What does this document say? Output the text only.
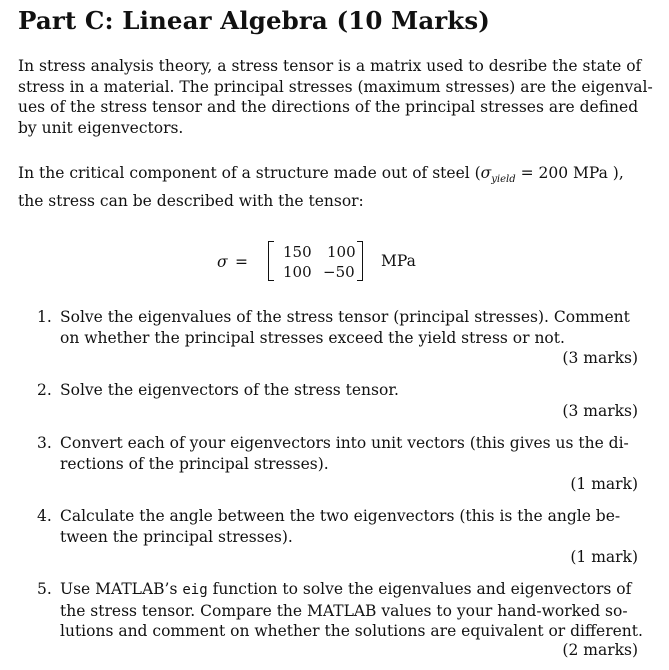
Part C: Linear Algebra (10 Marks)
In stress analysis theory, a stress tensor is a matrix used to desribe the state of
stress in a material. The principal stresses (maximum stresses) are the eigenval-
ues of the stress tensor and the directions of the principal stresses are defined
by unit eigenvectors.
In the critical component of a structure made out of steel ($\sigma_{yield} = 200$ MPa ),
the stress can be described with the tensor:
σ =
150 100
100 −50
MPa
1. Solve the eigenvalues of the stress tensor (principal stresses). Comment
on whether the principal stresses exceed the yield stress or not.
(3 marks)
2. Solve the eigenvectors of the stress tensor.
(3 marks)
3. Convert each of your eigenvectors into unit vectors (this gives us the di-
rections of the principal stresses).
(1 mark)
4. Calculate the angle between the two eigenvectors (this is the angle be-
tween the principal stresses).
(1 mark)
5. Use MATLAB’s eig function to solve the eigenvalues and eigenvectors of
the stress tensor. Compare the MATLAB values to your hand-worked so-
lutions and comment on whether the solutions are equivalent or different.
(2 marks)
